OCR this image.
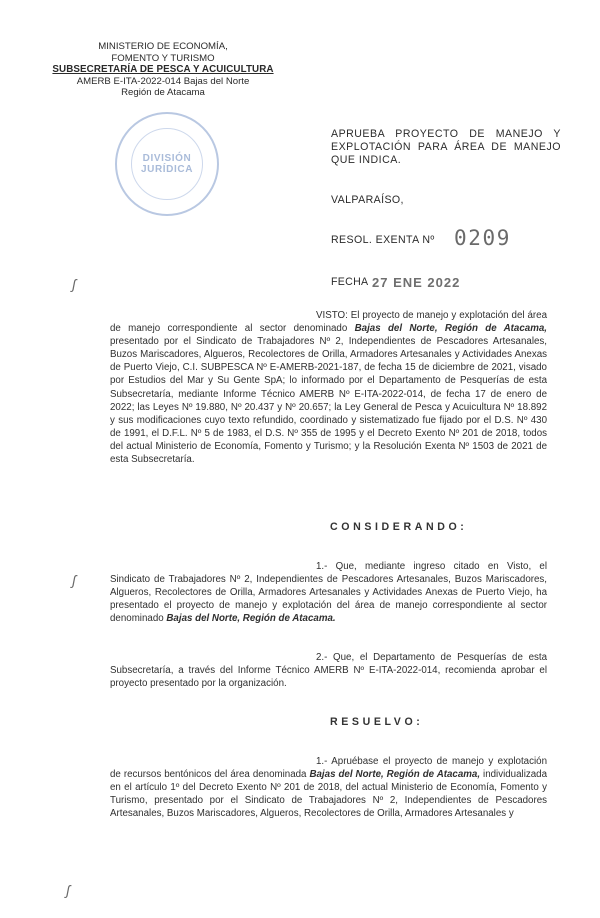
MINISTERIO DE ECONOMÍA,
FOMENTO Y TURISMO
SUBSECRETARÍA DE PESCA Y ACUICULTURA
AMERB E-ITA-2022-014 Bajas del Norte
Región de Atacama
DIVISIÓN
JURÍDICA
APRUEBA PROYECTO DE MANEJO Y EXPLOTACIÓN PARA ÁREA DE MANEJO QUE INDICA.
VALPARAÍSO,
RESOL. EXENTA Nº 0209
FECHA 27 ENE 2022
ʃ
ʃ
ʃ
VISTO: El proyecto de manejo y explotación del área de manejo correspondiente al sector denominado Bajas del Norte, Región de Atacama, presentado por el Sindicato de Trabajadores Nº 2, Independientes de Pescadores Artesanales, Buzos Mariscadores, Algueros, Recolectores de Orilla, Armadores Artesanales y Actividades Anexas de Puerto Viejo, C.I. SUBPESCA Nº E-AMERB-2021-187, de fecha 15 de diciembre de 2021, visado por Estudios del Mar y Su Gente SpA; lo informado por el Departamento de Pesquerías de esta Subsecretaría, mediante Informe Técnico AMERB Nº E-ITA-2022-014, de fecha 17 de enero de 2022; las Leyes Nº 19.880, Nº 20.437 y Nº 20.657; la Ley General de Pesca y Acuicultura Nº 18.892 y sus modificaciones cuyo texto refundido, coordinado y sistematizado fue fijado por el D.S. Nº 430 de 1991, el D.F.L. Nº 5 de 1983, el D.S. Nº 355 de 1995 y el Decreto Exento Nº 201 de 2018, todos del actual Ministerio de Economía, Fomento y Turismo; y la Resolución Exenta Nº 1503 de 2021 de esta Subsecretaría.
CONSIDERANDO:
1.- Que, mediante ingreso citado en Visto, el Sindicato de Trabajadores Nº 2, Independientes de Pescadores Artesanales, Buzos Mariscadores, Algueros, Recolectores de Orilla, Armadores Artesanales y Actividades Anexas de Puerto Viejo, ha presentado el proyecto de manejo y explotación del área de manejo correspondiente al sector denominado Bajas del Norte, Región de Atacama.
2.- Que, el Departamento de Pesquerías de esta Subsecretaría, a través del Informe Técnico AMERB Nº E-ITA-2022-014, recomienda aprobar el proyecto presentado por la organización.
RESUELVO:
1.- Apruébase el proyecto de manejo y explotación de recursos bentónicos del área denominada Bajas del Norte, Región de Atacama, individualizada en el artículo 1º del Decreto Exento Nº 201 de 2018, del actual Ministerio de Economía, Fomento y Turismo, presentado por el Sindicato de Trabajadores Nº 2, Independientes de Pescadores Artesanales, Buzos Mariscadores, Algueros, Recolectores de Orilla, Armadores Artesanales y
